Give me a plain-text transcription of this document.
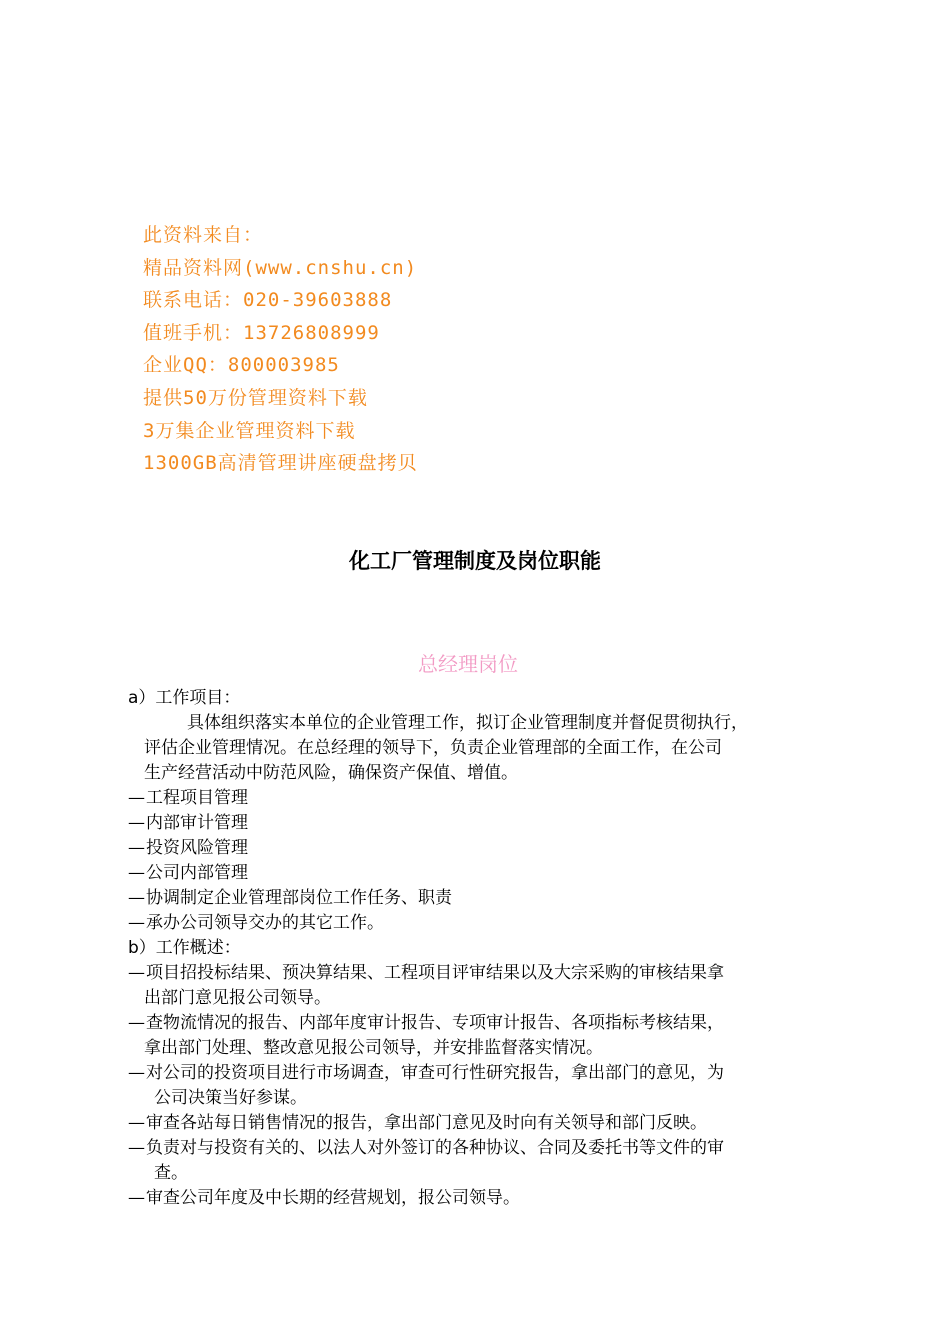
此资料来自：
精品资料网(www.cnshu.cn)
联系电话：020-39603888
值班手机：13726808999
企业QQ：800003985
提供50万份管理资料下载
3万集企业管理资料下载
1300GB高清管理讲座硬盘拷贝
化工厂管理制度及岗位职能
总经理岗位
a）工作项目：
具体组织落实本单位的企业管理工作，拟订企业管理制度并督促贯彻执行，
评估企业管理情况。在总经理的领导下，负责企业管理部的全面工作，在公司
生产经营活动中防范风险，确保资产保值、增值。
— 工程项目管理
— 内部审计管理
— 投资风险管理
— 公司内部管理
— 协调制定企业管理部岗位工作任务、职责
— 承办公司领导交办的其它工作。
b）工作概述：
— 项目招投标结果、预决算结果、工程项目评审结果以及大宗采购的审核结果拿
出部门意见报公司领导。
— 查物流情况的报告、内部年度审计报告、专项审计报告、各项指标考核结果，
拿出部门处理、整改意见报公司领导，并安排监督落实情况。
— 对公司的投资项目进行市场调查，审查可行性研究报告，拿出部门的意见，为
公司决策当好参谋。
— 审查各站每日销售情况的报告，拿出部门意见及时向有关领导和部门反映。
— 负责对与投资有关的、以法人对外签订的各种协议、合同及委托书等文件的审
查。
— 审查公司年度及中长期的经营规划，报公司领导。
